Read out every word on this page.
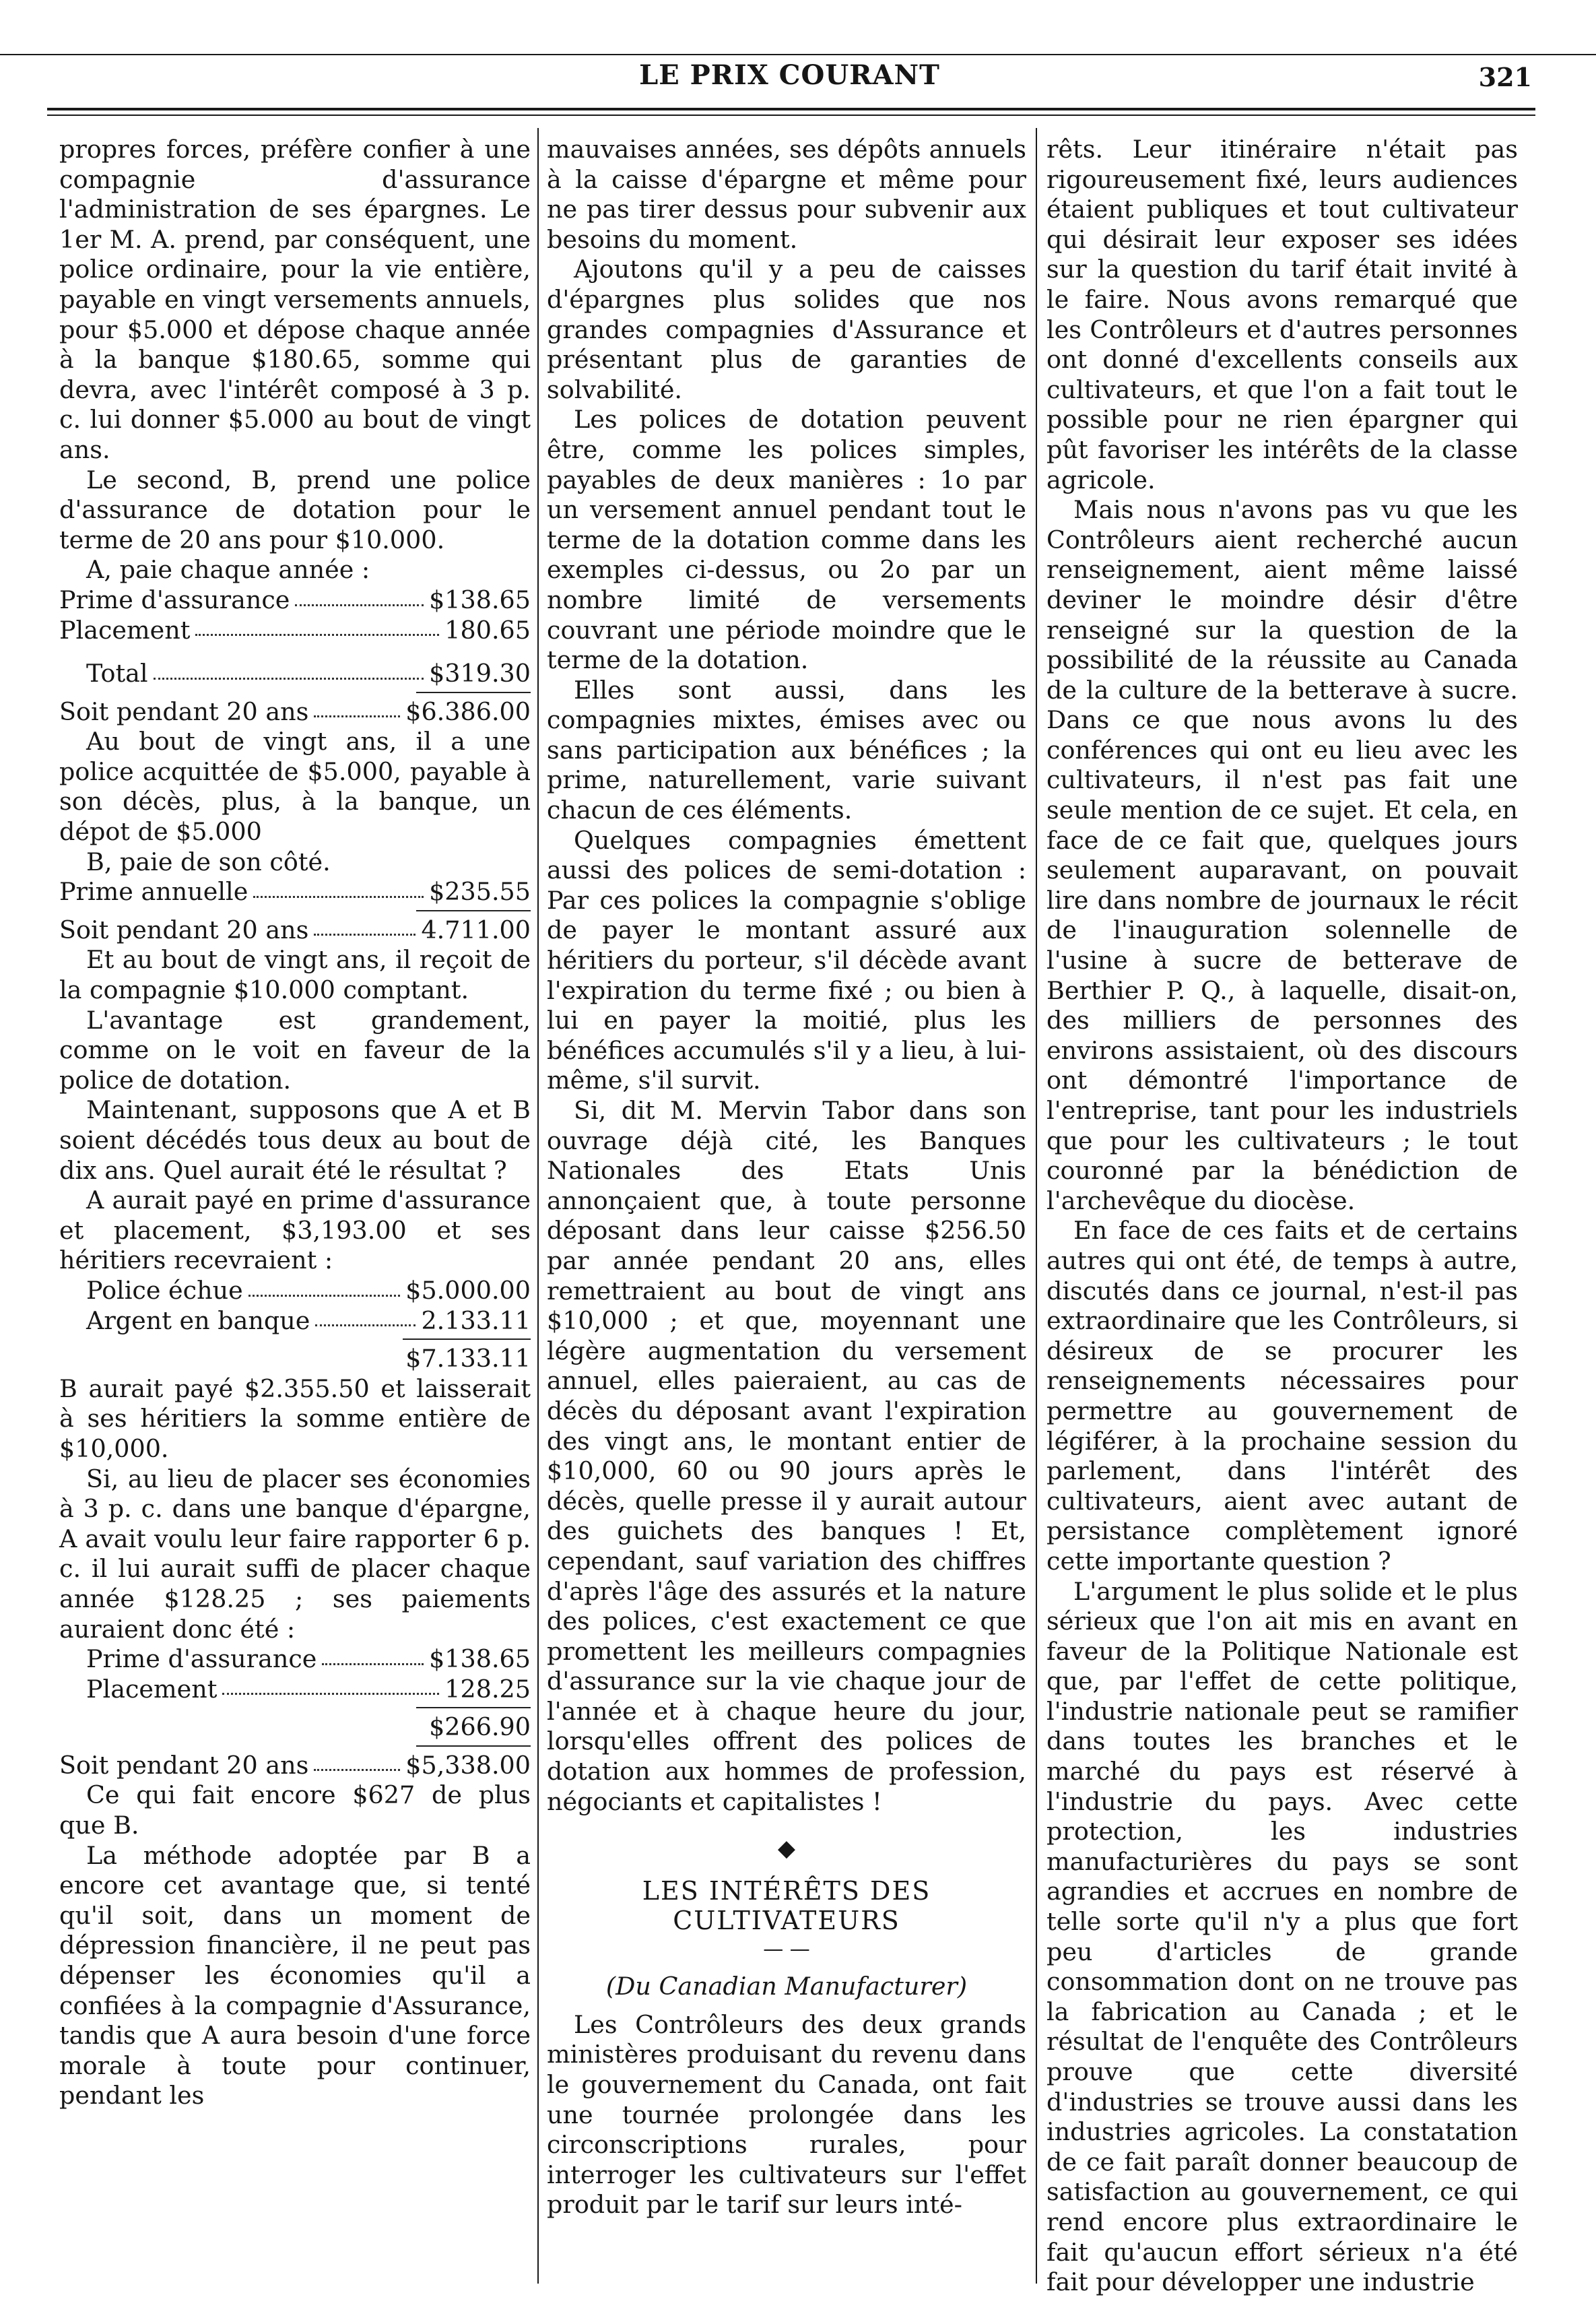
LE PRIX COURANT	321

propres forces, préfère confier à une compagnie d'assurance l'administration de ses épargnes. Le 1er M. A. prend, par conséquent, une police ordinaire, pour la vie entière, payable en vingt versements annuels, pour $5.000 et dépose chaque année à la banque $180.65, somme qui devra, avec l'intérêt composé à 3 p. c. lui donner $5.000 au bout de vingt ans.

Le second, B, prend une police d'assurance de dotation pour le terme de 20 ans pour $10.000.

A, paie chaque année :

Prime d'assurance	$138.65
Placement	180.65
Total	$319.30
Soit pendant 20 ans	$6.386.00

Au bout de vingt ans, il a une police acquittée de $5.000, payable à son décès, plus, à la banque, un dépot de $5.000

B, paie de son côté.

Prime annuelle	$235.55
Soit pendant 20 ans	4.711.00

Et au bout de vingt ans, il reçoit de la compagnie $10.000 comptant.

L'avantage est grandement, comme on le voit en faveur de la police de dotation.

Maintenant, supposons que A et B soient décédés tous deux au bout de dix ans. Quel aurait été le résultat ?

A aurait payé en prime d'assurance et placement, $3,193.00 et ses héritiers recevraient :

Police échue	$5.000.00
Argent en banque	2.133.11
$7.133.11

B aurait payé $2.355.50 et laisserait à ses héritiers la somme entière de $10,000.

Si, au lieu de placer ses économies à 3 p. c. dans une banque d'épargne, A avait voulu leur faire rapporter 6 p. c. il lui aurait suffi de placer chaque année $128.25 ; ses paiements auraient donc été :

Prime d'assurance	$138.65
Placement	128.25
$266.90
Soit pendant 20 ans	$5,338.00

Ce qui fait encore $627 de plus que B.

La méthode adoptée par B a encore cet avantage que, si tenté qu'il soit, dans un moment de dépression financière, il ne peut pas dépenser les économies qu'il a confiées à la compagnie d'Assurance, tandis que A aura besoin d'une force morale à toute pour continuer, pendant les

mauvaises années, ses dépôts annuels à la caisse d'épargne et même pour ne pas tirer dessus pour subvenir aux besoins du moment.

Ajoutons qu'il y a peu de caisses d'épargnes plus solides que nos grandes compagnies d'Assurance et présentant plus de garanties de solvabilité.

Les polices de dotation peuvent être, comme les polices simples, payables de deux manières : 1o par un versement annuel pendant tout le terme de la dotation comme dans les exemples ci-dessus, ou 2o par un nombre limité de versements couvrant une période moindre que le terme de la dotation.

Elles sont aussi, dans les compagnies mixtes, émises avec ou sans participation aux bénéfices ; la prime, naturellement, varie suivant chacun de ces éléments.

Quelques compagnies émettent aussi des polices de semi-dotation : Par ces polices la compagnie s'oblige de payer le montant assuré aux héritiers du porteur, s'il décède avant l'expiration du terme fixé ; ou bien à lui en payer la moitié, plus les bénéfices accumulés s'il y a lieu, à lui-même, s'il survit.

Si, dit M. Mervin Tabor dans son ouvrage déjà cité, les Banques Nationales des Etats Unis annonçaient que, à toute personne déposant dans leur caisse $256.50 par année pendant 20 ans, elles remettraient au bout de vingt ans $10,000 ; et que, moyennant une légère augmentation du versement annuel, elles paieraient, au cas de décès du déposant avant l'expiration des vingt ans, le montant entier de $10,000, 60 ou 90 jours après le décès, quelle presse il y aurait autour des guichets des banques ! Et, cependant, sauf variation des chiffres d'après l'âge des assurés et la nature des polices, c'est exactement ce que promettent les meilleurs compagnies d'assurance sur la vie chaque jour de l'année et à chaque heure du jour, lorsqu'elles offrent des polices de dotation aux hommes de profession, négociants et capitalistes !

◆
LES INTÉRÊTS DES CULTIVATEURS
— —
(Du Canadian Manufacturer)

Les Contrôleurs des deux grands ministères produisant du revenu dans le gouvernement du Canada, ont fait une tournée prolongée dans les circonscriptions rurales, pour interroger les cultivateurs sur l'effet produit par le tarif sur leurs inté-

rêts. Leur itinéraire n'était pas rigoureusement fixé, leurs audiences étaient publiques et tout cultivateur qui désirait leur exposer ses idées sur la question du tarif était invité à le faire. Nous avons remarqué que les Contrôleurs et d'autres personnes ont donné d'excellents conseils aux cultivateurs, et que l'on a fait tout le possible pour ne rien épargner qui pût favoriser les intérêts de la classe agricole.

Mais nous n'avons pas vu que les Contrôleurs aient recherché aucun renseignement, aient même laissé deviner le moindre désir d'être renseigné sur la question de la possibilité de la réussite au Canada de la culture de la betterave à sucre. Dans ce que nous avons lu des conférences qui ont eu lieu avec les cultivateurs, il n'est pas fait une seule mention de ce sujet. Et cela, en face de ce fait que, quelques jours seulement auparavant, on pouvait lire dans nombre de journaux le récit de l'inauguration solennelle de l'usine à sucre de betterave de Berthier P. Q., à laquelle, disait-on, des milliers de personnes des environs assistaient, où des discours ont démontré l'importance de l'entreprise, tant pour les industriels que pour les cultivateurs ; le tout couronné par la bénédiction de l'archevêque du diocèse.

En face de ces faits et de certains autres qui ont été, de temps à autre, discutés dans ce journal, n'est-il pas extraordinaire que les Contrôleurs, si désireux de se procurer les renseignements nécessaires pour permettre au gouvernement de légiférer, à la prochaine session du parlement, dans l'intérêt des cultivateurs, aient avec autant de persistance complètement ignoré cette importante question ?

L'argument le plus solide et le plus sérieux que l'on ait mis en avant en faveur de la Politique Nationale est que, par l'effet de cette politique, l'industrie nationale peut se ramifier dans toutes les branches et le marché du pays est réservé à l'industrie du pays. Avec cette protection, les industries manufacturières du pays se sont agrandies et accrues en nombre de telle sorte qu'il n'y a plus que fort peu d'articles de grande consommation dont on ne trouve pas la fabrication au Canada ; et le résultat de l'enquête des Contrôleurs prouve que cette diversité d'industries se trouve aussi dans les industries agricoles. La constatation de ce fait paraît donner beaucoup de satisfaction au gouvernement, ce qui rend encore plus extraordinaire le fait qu'aucun effort sérieux n'a été fait pour développer une industrie
